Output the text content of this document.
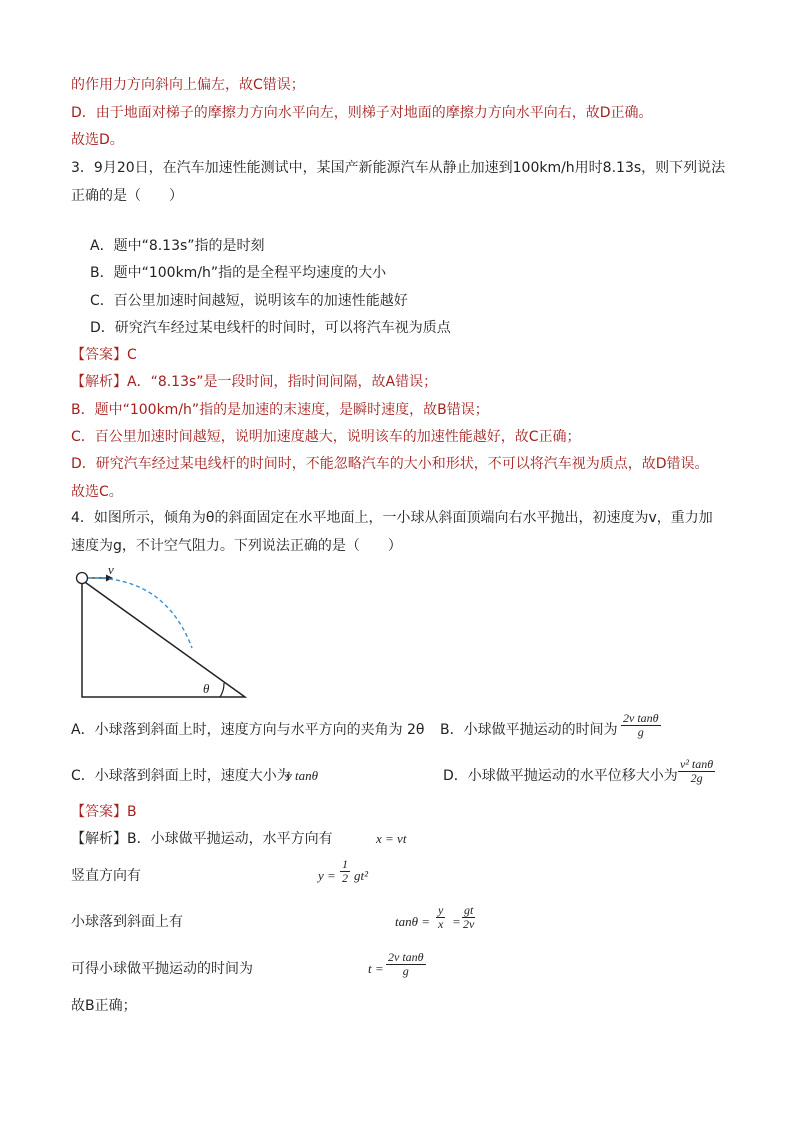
的作用力方向斜向上偏左，故C错误；
D．由于地面对梯子的摩擦力方向水平向左，则梯子对地面的摩擦力方向水平向右，故D正确。
故选D。
3．9月20日，在汽车加速性能测试中，某国产新能源汽车从静止加速到100km/h用时8.13s，则下列说法
正确的是（　　）
A．题中“8.13s”指的是时刻
B．题中“100km/h”指的是全程平均速度的大小
C．百公里加速时间越短，说明该车的加速性能越好
D．研究汽车经过某电线杆的时间时，可以将汽车视为质点
【答案】C
【解析】A．“8.13s”是一段时间，指时间间隔，故A错误；
B．题中“100km/h”指的是加速的末速度，是瞬时速度，故B错误；
C．百公里加速时间越短，说明加速度越大，说明该车的加速性能越好，故C正确；
D．研究汽车经过某电线杆的时间时，不能忽略汽车的大小和形状，不可以将汽车视为质点，故D错误。
故选C。
4．如图所示，倾角为θ的斜面固定在水平地面上，一小球从斜面顶端向右水平抛出，初速度为v，重力加
速度为g，不计空气阻力。下列说法正确的是（　　）
v
θ
A．小球落到斜面上时，速度方向与水平方向的夹角为 2θ B．小球做平抛运动的时间为 $\frac{\text{2v tanθ}}{g}$
C．小球落到斜面上时，速度大小为
v tanθ	D．小球做平抛运动的水平位移大小为 $\frac{\text{v² tanθ}}{2g}$
【答案】B
【解析】B．小球做平抛运动，水平方向有	x = vt
竖直方向有	$y = \frac{1}{2} gt^2$
小球落到斜面上有	$\tan\theta = \frac{y}{x} = \frac{gt}{2v}$
可得小球做平抛运动的时间为	$t = \frac{\text{2v tanθ}}{g}$
故B正确；
